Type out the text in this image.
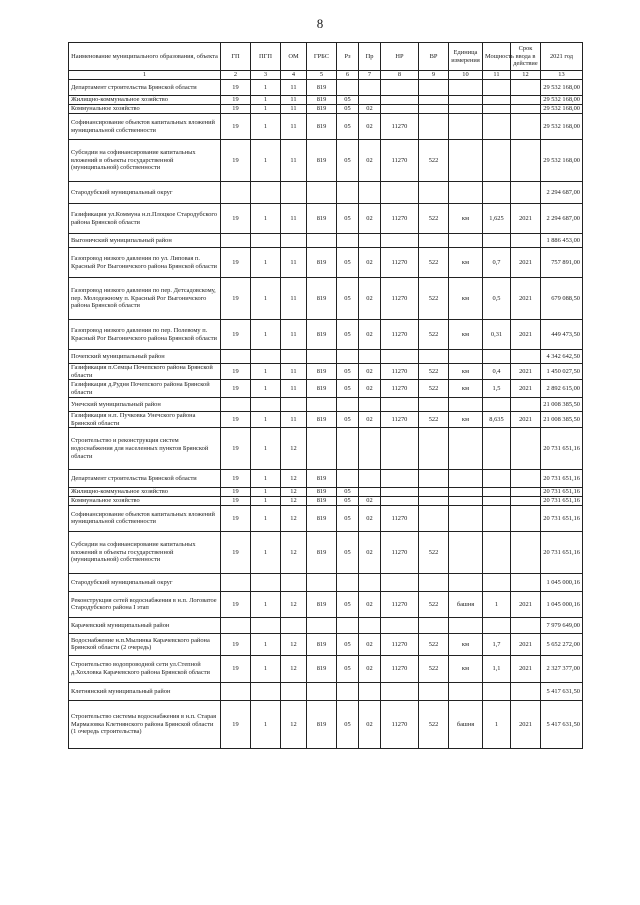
8
Наименование муниципального образования, объекта	ГП	ПГП	ОМ	ГРБС	Рз	Пр	НР	ВР	Единица измерения	Мощность	Срок ввода в действие	2021 год
1	2	3	4	5	6	7	8	9	10	11	12	13
Департамент строительства Брянской области	19	1	11	819								29 532 168,00
Жилищно-коммунальное хозяйство	19	1	11	819	05							29 532 168,00
Коммунальное хозяйство	19	1	11	819	05	02						29 532 168,00
Софинансирование объектов капитальных вложений муниципальной собственности	19	1	11	819	05	02	11270					29 532 168,00
Субсидии на софинансирование капитальных вложений в объекты государственной (муниципальной) собственности	19	1	11	819	05	02	11270	522				29 532 168,00
Стародубский муниципальный округ												2 294 687,00
Газификация ул.Коммуна н.п.Плоцкое Стародубского района Брянской области	19	1	11	819	05	02	11270	522	км	1,625	2021	2 294 687,00
Выгоничский муниципальный район												1 886 453,00
Газопровод низкого давления по ул. Липовая п. Красный Рог Выгоничского района Брянской области	19	1	11	819	05	02	11270	522	км	0,7	2021	757 891,00
Газопровод низкого давления по пер. Детсадовскому, пер. Молодежному п. Красный Рог Выгоничского района Брянской области	19	1	11	819	05	02	11270	522	км	0,5	2021	679 088,50
Газопровод низкого давления по пер. Полевому п. Красный Рог Выгоничского района Брянской области	19	1	11	819	05	02	11270	522	км	0,31	2021	449 473,50
Почепский муниципальный район												4 342 642,50
Газификация п.Семцы Почепского района Брянской области	19	1	11	819	05	02	11270	522	км	0,4	2021	1 450 027,50
Газификация д.Рудня Почепского района Брянской области	19	1	11	819	05	02	11270	522	км	1,5	2021	2 892 615,00
Унечский муниципальный район												21 008 385,50
Газификация н.п. Пучковка Унечского района Брянской области	19	1	11	819	05	02	11270	522	км	8,635	2021	21 008 385,50
Строительство и реконструкция систем водоснабжения для населенных пунктов Брянской области	19	1	12									20 731 651,16
Департамент строительства Брянской области	19	1	12	819								20 731 651,16
Жилищно-коммунальное хозяйство	19	1	12	819	05							20 731 651,16
Коммунальное хозяйство	19	1	12	819	05	02						20 731 651,16
Софинансирование объектов капитальных вложений муниципальной собственности	19	1	12	819	05	02	11270					20 731 651,16
Субсидии на софинансирование капитальных вложений в объекты государственной (муниципальной) собственности	19	1	12	819	05	02	11270	522				20 731 651,16
Стародубский муниципальный округ												1 045 000,16
Реконструкция сетей водоснабжения в н.п. Логоватое Стародубского района I этап	19	1	12	819	05	02	11270	522	башня	1	2021	1 045 000,16
Карачевский муниципальный район												7 979 649,00
Водоснабжение н.п.Мылинка Карачевского района Брянской области (2 очередь)	19	1	12	819	05	02	11270	522	км	1,7	2021	5 652 272,00
Строительство водопроводной сети ул.Степной д.Хохловка Карачевского района Брянской области	19	1	12	819	05	02	11270	522	км	1,1	2021	2 327 377,00
Клетнянский муниципальный район												5 417 631,50
Строительство системы водоснабжения в н.п. Старая Мармазовка Клетнянского района Брянской области (1 очередь строительства)	19	1	12	819	05	02	11270	522	башня	1	2021	5 417 631,50
